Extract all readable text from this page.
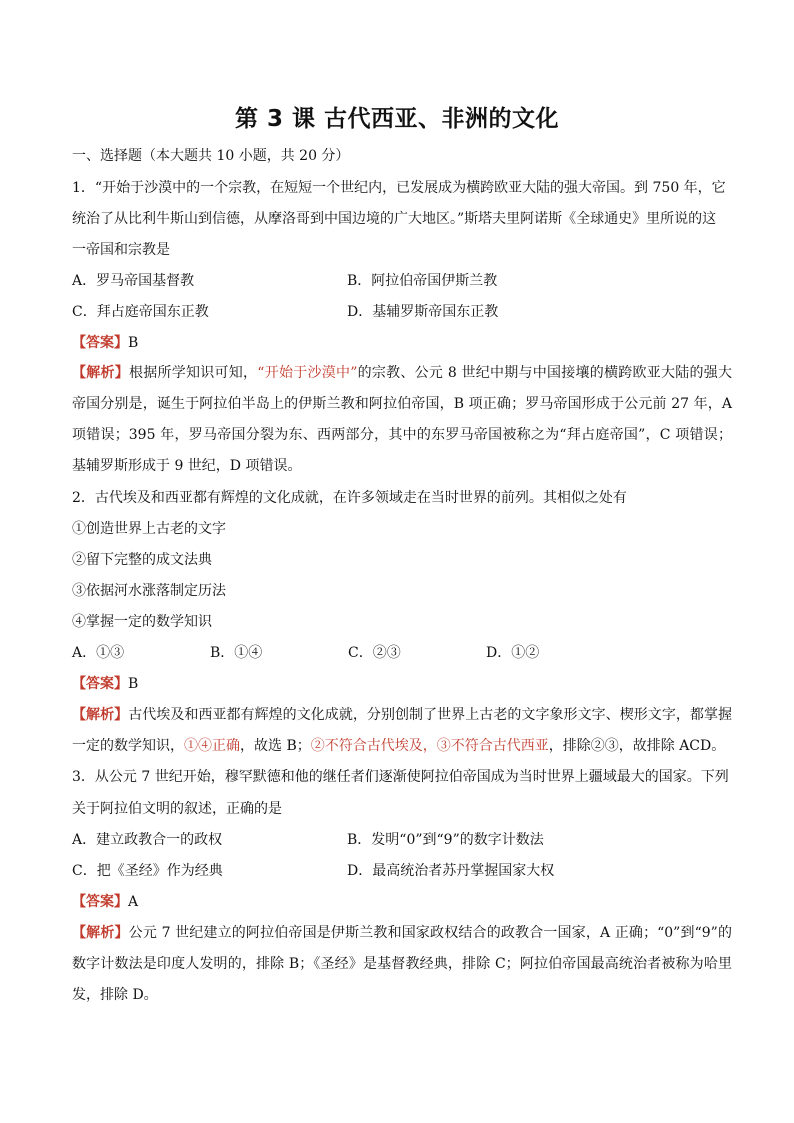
第 3 课 古代西亚、非洲的文化
一、选择题（本大题共 10 小题，共 20 分）
1．“开始于沙漠中的一个宗教，在短短一个世纪内，已发展成为横跨欧亚大陆的强大帝国。到 750 年，它
统治了从比利牛斯山到信德，从摩洛哥到中国边境的广大地区。”斯塔夫里阿诺斯《全球通史》里所说的这
一帝国和宗教是
A．罗马帝国基督教	B．阿拉伯帝国伊斯兰教
C．拜占庭帝国东正教	D．基辅罗斯帝国东正教
【答案】B
【解析】根据所学知识可知，“开始于沙漠中”的宗教、公元 8 世纪中期与中国接壤的横跨欧亚大陆的强大帝国分别是，诞生于阿拉伯半岛上的伊斯兰教和阿拉伯帝国，B 项正确；罗马帝国形成于公元前 27 年，A 项错误；395 年，罗马帝国分裂为东、西两部分，其中的东罗马帝国被称之为“拜占庭帝国”，C 项错误；基辅罗斯形成于 9 世纪，D 项错误。
2．古代埃及和西亚都有辉煌的文化成就，在许多领域走在当时世界的前列。其相似之处有
①创造世界上古老的文字
②留下完整的成文法典
③依据河水涨落制定历法
④掌握一定的数学知识
A．①③	B．①④	C．②③	D．①②
【答案】B
【解析】古代埃及和西亚都有辉煌的文化成就，分别创制了世界上古老的文字象形文字、楔形文字，都掌握一定的数学知识，①④正确，故选 B；②不符合古代埃及，③不符合古代西亚，排除②③，故排除 ACD。
3．从公元 7 世纪开始，穆罕默德和他的继任者们逐渐使阿拉伯帝国成为当时世界上疆域最大的国家。下列
关于阿拉伯文明的叙述，正确的是
A．建立政教合一的政权	B．发明“0”到“9”的数字计数法
C．把《圣经》作为经典	D．最高统治者苏丹掌握国家大权
【答案】A
【解析】公元 7 世纪建立的阿拉伯帝国是伊斯兰教和国家政权结合的政教合一国家，A 正确；“0”到“9”的数字计数法是印度人发明的，排除 B；《圣经》是基督教经典，排除 C；阿拉伯帝国最高统治者被称为哈里发，排除 D。
